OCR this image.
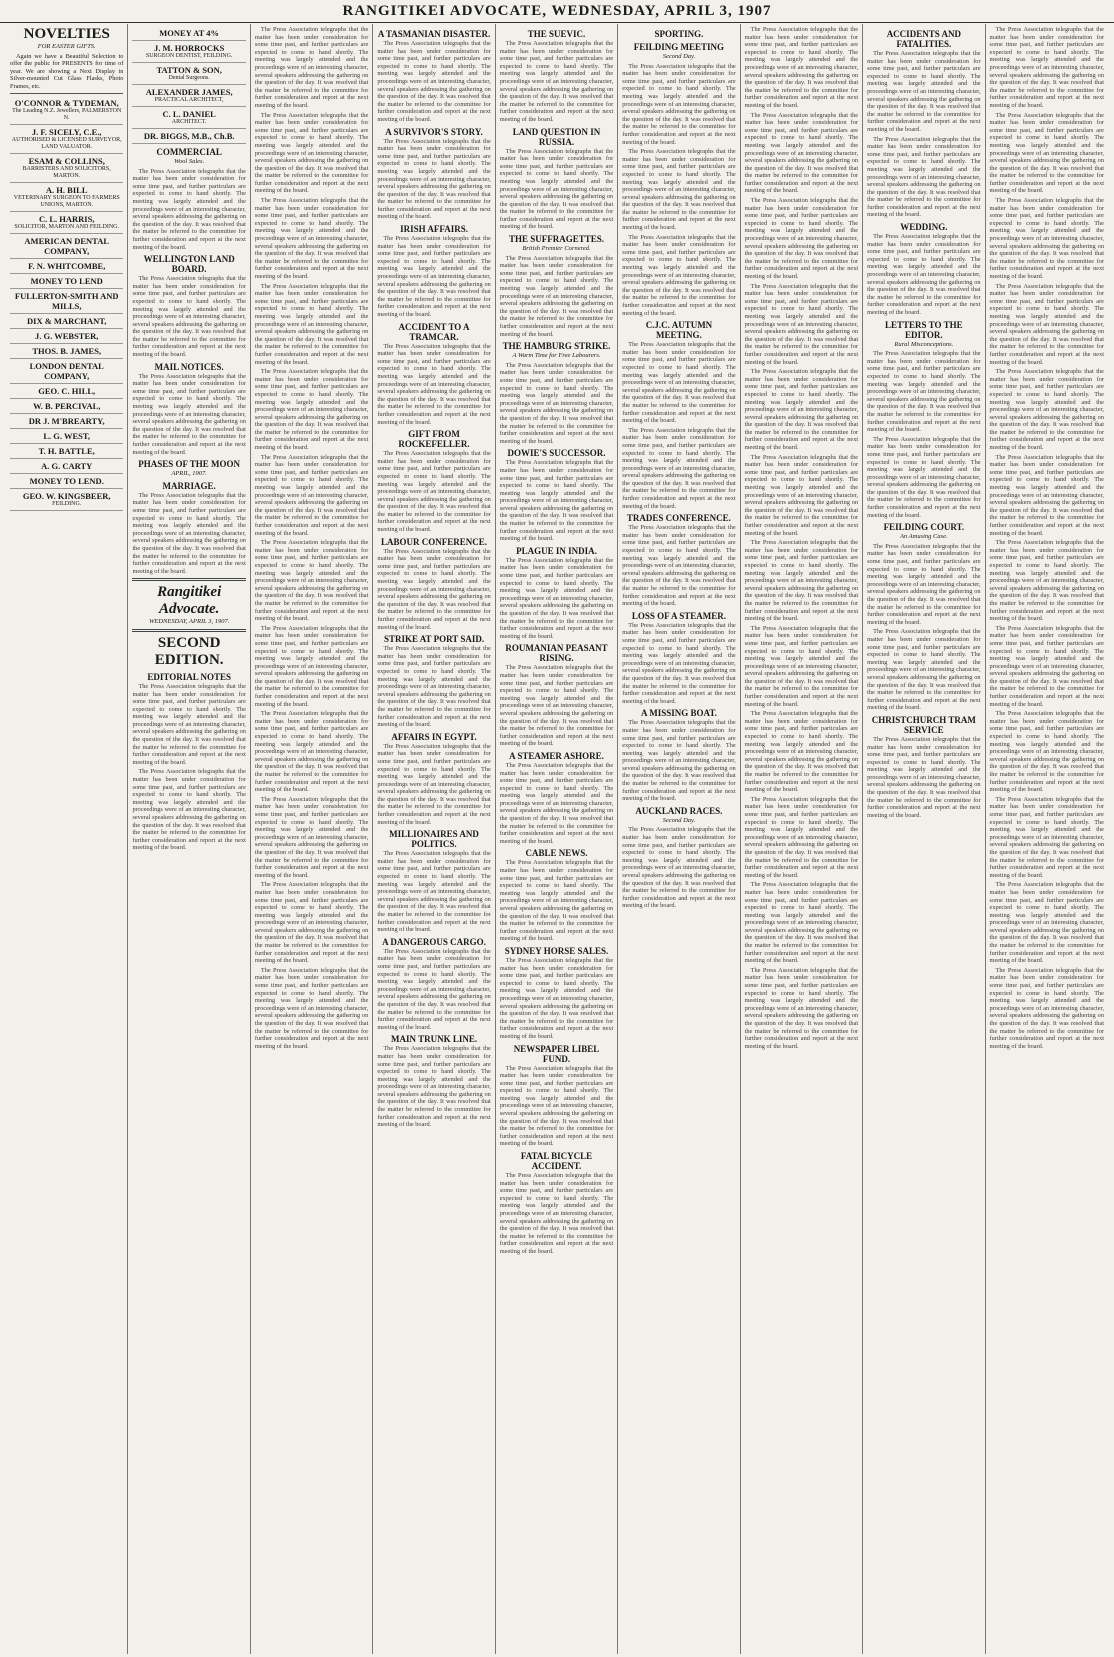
RANGITIKEI ADVOCATE, WEDNESDAY, APRIL 3, 1907
NOVELTIES
FOR EASTER GIFTS.

Again we have a Beautiful Selection to offer the public for PRESENTS for time of year. We are showing a Next Display in Silver-mounted Cut Glass Flasks, Photo Frames, etc.

O'CONNOR & TYDEMAN,
The Leading N.Z. Jewellers, PALMERSTON N.
J. F. SICELY, C.E.,
AUTHORISED & LICENSED SURVEYOR, LAND VALUATOR.
ESAM & COLLINS,
BARRISTERS AND SOLICITORS, MARTON.
A. H. BILL
VETERINARY SURGEON TO FARMERS UNIONS, MARTON.
C. L. HARRIS,
SOLICITOR, MARTON AND FEILDING.
AMERICAN DENTAL COMPANY,
F. N. WHITCOMBE,
MONEY TO LEND
FULLERTON-SMITH AND MILLS,
DIX & MARCHANT,
J. G. WEBSTER,
THOS. B. JAMES,
LONDON DENTAL COMPANY,
GEO. C. HILL,
W. B. PERCIVAL,
DR J. M'BREARTY,
L. G. WEST,
T. H. BATTLE,
A. G. CARTY
MONEY TO LEND.
GEO. W. KINGSBEER,
FEILDING.
MONEY AT 4%
J. M. HORROCKS
SURGEON DENTIST, FEILDING.
TATTON & SON,
Dental Surgeons.
ALEXANDER JAMES,
PRACTICAL ARCHITECT,
C. L. DANIEL
ARCHITECT.
DR. BIGGS, M.B., Ch.B.
COMMERCIAL
Wool Sales.

The Press Association telegraphs that the matter has been under consideration for some time past, and further particulars are expected to come to hand shortly. The meeting was largely attended and the proceedings were of an interesting character, several speakers addressing the gathering on the question of the day. It was resolved that the matter be referred to the committee for further consideration and report at the next meeting of the board.

WELLINGTON LAND BOARD.

The Press Association telegraphs that the matter has been under consideration for some time past, and further particulars are expected to come to hand shortly. The meeting was largely attended and the proceedings were of an interesting character, several speakers addressing the gathering on the question of the day. It was resolved that the matter be referred to the committee for further consideration and report at the next meeting of the board.

MAIL NOTICES.

The Press Association telegraphs that the matter has been under consideration for some time past, and further particulars are expected to come to hand shortly. The meeting was largely attended and the proceedings were of an interesting character, several speakers addressing the gathering on the question of the day. It was resolved that the matter be referred to the committee for further consideration and report at the next meeting of the board.

PHASES OF THE MOON
APRIL, 1907.
MARRIAGE.

The Press Association telegraphs that the matter has been under consideration for some time past, and further particulars are expected to come to hand shortly. The meeting was largely attended and the proceedings were of an interesting character, several speakers addressing the gathering on the question of the day. It was resolved that the matter be referred to the committee for further consideration and report at the next meeting of the board.

Rangitikei Advocate.
WEDNESDAY, APRIL 3, 1907.
SECOND EDITION.
EDITORIAL NOTES

The Press Association telegraphs that the matter has been under consideration for some time past, and further particulars are expected to come to hand shortly. The meeting was largely attended and the proceedings were of an interesting character, several speakers addressing the gathering on the question of the day. It was resolved that the matter be referred to the committee for further consideration and report at the next meeting of the board.

The Press Association telegraphs that the matter has been under consideration for some time past, and further particulars are expected to come to hand shortly. The meeting was largely attended and the proceedings were of an interesting character, several speakers addressing the gathering on the question of the day. It was resolved that the matter be referred to the committee for further consideration and report at the next meeting of the board.

The Press Association telegraphs that the matter has been under consideration for some time past, and further particulars are expected to come to hand shortly. The meeting was largely attended and the proceedings were of an interesting character, several speakers addressing the gathering on the question of the day. It was resolved that the matter be referred to the committee for further consideration and report at the next meeting of the board.

The Press Association telegraphs that the matter has been under consideration for some time past, and further particulars are expected to come to hand shortly. The meeting was largely attended and the proceedings were of an interesting character, several speakers addressing the gathering on the question of the day. It was resolved that the matter be referred to the committee for further consideration and report at the next meeting of the board.

The Press Association telegraphs that the matter has been under consideration for some time past, and further particulars are expected to come to hand shortly. The meeting was largely attended and the proceedings were of an interesting character, several speakers addressing the gathering on the question of the day. It was resolved that the matter be referred to the committee for further consideration and report at the next meeting of the board.

The Press Association telegraphs that the matter has been under consideration for some time past, and further particulars are expected to come to hand shortly. The meeting was largely attended and the proceedings were of an interesting character, several speakers addressing the gathering on the question of the day. It was resolved that the matter be referred to the committee for further consideration and report at the next meeting of the board.

The Press Association telegraphs that the matter has been under consideration for some time past, and further particulars are expected to come to hand shortly. The meeting was largely attended and the proceedings were of an interesting character, several speakers addressing the gathering on the question of the day. It was resolved that the matter be referred to the committee for further consideration and report at the next meeting of the board.

The Press Association telegraphs that the matter has been under consideration for some time past, and further particulars are expected to come to hand shortly. The meeting was largely attended and the proceedings were of an interesting character, several speakers addressing the gathering on the question of the day. It was resolved that the matter be referred to the committee for further consideration and report at the next meeting of the board.

The Press Association telegraphs that the matter has been under consideration for some time past, and further particulars are expected to come to hand shortly. The meeting was largely attended and the proceedings were of an interesting character, several speakers addressing the gathering on the question of the day. It was resolved that the matter be referred to the committee for further consideration and report at the next meeting of the board.

The Press Association telegraphs that the matter has been under consideration for some time past, and further particulars are expected to come to hand shortly. The meeting was largely attended and the proceedings were of an interesting character, several speakers addressing the gathering on the question of the day. It was resolved that the matter be referred to the committee for further consideration and report at the next meeting of the board.

The Press Association telegraphs that the matter has been under consideration for some time past, and further particulars are expected to come to hand shortly. The meeting was largely attended and the proceedings were of an interesting character, several speakers addressing the gathering on the question of the day. It was resolved that the matter be referred to the committee for further consideration and report at the next meeting of the board.

The Press Association telegraphs that the matter has been under consideration for some time past, and further particulars are expected to come to hand shortly. The meeting was largely attended and the proceedings were of an interesting character, several speakers addressing the gathering on the question of the day. It was resolved that the matter be referred to the committee for further consideration and report at the next meeting of the board.

The Press Association telegraphs that the matter has been under consideration for some time past, and further particulars are expected to come to hand shortly. The meeting was largely attended and the proceedings were of an interesting character, several speakers addressing the gathering on the question of the day. It was resolved that the matter be referred to the committee for further consideration and report at the next meeting of the board.

The Press Association telegraphs that the matter has been under consideration for some time past, and further particulars are expected to come to hand shortly. The meeting was largely attended and the proceedings were of an interesting character, several speakers addressing the gathering on the question of the day. It was resolved that the matter be referred to the committee for further consideration and report at the next meeting of the board.

A TASMANIAN DISASTER.

The Press Association telegraphs that the matter has been under consideration for some time past, and further particulars are expected to come to hand shortly. The meeting was largely attended and the proceedings were of an interesting character, several speakers addressing the gathering on the question of the day. It was resolved that the matter be referred to the committee for further consideration and report at the next meeting of the board.

A SURVIVOR'S STORY.

The Press Association telegraphs that the matter has been under consideration for some time past, and further particulars are expected to come to hand shortly. The meeting was largely attended and the proceedings were of an interesting character, several speakers addressing the gathering on the question of the day. It was resolved that the matter be referred to the committee for further consideration and report at the next meeting of the board.

IRISH AFFAIRS.

The Press Association telegraphs that the matter has been under consideration for some time past, and further particulars are expected to come to hand shortly. The meeting was largely attended and the proceedings were of an interesting character, several speakers addressing the gathering on the question of the day. It was resolved that the matter be referred to the committee for further consideration and report at the next meeting of the board.

ACCIDENT TO A TRAMCAR.

The Press Association telegraphs that the matter has been under consideration for some time past, and further particulars are expected to come to hand shortly. The meeting was largely attended and the proceedings were of an interesting character, several speakers addressing the gathering on the question of the day. It was resolved that the matter be referred to the committee for further consideration and report at the next meeting of the board.

GIFT FROM ROCKEFELLER.

The Press Association telegraphs that the matter has been under consideration for some time past, and further particulars are expected to come to hand shortly. The meeting was largely attended and the proceedings were of an interesting character, several speakers addressing the gathering on the question of the day. It was resolved that the matter be referred to the committee for further consideration and report at the next meeting of the board.

LABOUR CONFERENCE.

The Press Association telegraphs that the matter has been under consideration for some time past, and further particulars are expected to come to hand shortly. The meeting was largely attended and the proceedings were of an interesting character, several speakers addressing the gathering on the question of the day. It was resolved that the matter be referred to the committee for further consideration and report at the next meeting of the board.

STRIKE AT PORT SAID.

The Press Association telegraphs that the matter has been under consideration for some time past, and further particulars are expected to come to hand shortly. The meeting was largely attended and the proceedings were of an interesting character, several speakers addressing the gathering on the question of the day. It was resolved that the matter be referred to the committee for further consideration and report at the next meeting of the board.

AFFAIRS IN EGYPT.

The Press Association telegraphs that the matter has been under consideration for some time past, and further particulars are expected to come to hand shortly. The meeting was largely attended and the proceedings were of an interesting character, several speakers addressing the gathering on the question of the day. It was resolved that the matter be referred to the committee for further consideration and report at the next meeting of the board.

MILLIONAIRES AND POLITICS.

The Press Association telegraphs that the matter has been under consideration for some time past, and further particulars are expected to come to hand shortly. The meeting was largely attended and the proceedings were of an interesting character, several speakers addressing the gathering on the question of the day. It was resolved that the matter be referred to the committee for further consideration and report at the next meeting of the board.

A DANGEROUS CARGO.

The Press Association telegraphs that the matter has been under consideration for some time past, and further particulars are expected to come to hand shortly. The meeting was largely attended and the proceedings were of an interesting character, several speakers addressing the gathering on the question of the day. It was resolved that the matter be referred to the committee for further consideration and report at the next meeting of the board.

MAIN TRUNK LINE.

The Press Association telegraphs that the matter has been under consideration for some time past, and further particulars are expected to come to hand shortly. The meeting was largely attended and the proceedings were of an interesting character, several speakers addressing the gathering on the question of the day. It was resolved that the matter be referred to the committee for further consideration and report at the next meeting of the board.

THE SUEVIC.

The Press Association telegraphs that the matter has been under consideration for some time past, and further particulars are expected to come to hand shortly. The meeting was largely attended and the proceedings were of an interesting character, several speakers addressing the gathering on the question of the day. It was resolved that the matter be referred to the committee for further consideration and report at the next meeting of the board.

LAND QUESTION IN RUSSIA.

The Press Association telegraphs that the matter has been under consideration for some time past, and further particulars are expected to come to hand shortly. The meeting was largely attended and the proceedings were of an interesting character, several speakers addressing the gathering on the question of the day. It was resolved that the matter be referred to the committee for further consideration and report at the next meeting of the board.

THE SUFFRAGETTES.
British Premier Cornered.

The Press Association telegraphs that the matter has been under consideration for some time past, and further particulars are expected to come to hand shortly. The meeting was largely attended and the proceedings were of an interesting character, several speakers addressing the gathering on the question of the day. It was resolved that the matter be referred to the committee for further consideration and report at the next meeting of the board.

THE HAMBURG STRIKE.
A Warm Time for Free Labourers.

The Press Association telegraphs that the matter has been under consideration for some time past, and further particulars are expected to come to hand shortly. The meeting was largely attended and the proceedings were of an interesting character, several speakers addressing the gathering on the question of the day. It was resolved that the matter be referred to the committee for further consideration and report at the next meeting of the board.

DOWIE'S SUCCESSOR.

The Press Association telegraphs that the matter has been under consideration for some time past, and further particulars are expected to come to hand shortly. The meeting was largely attended and the proceedings were of an interesting character, several speakers addressing the gathering on the question of the day. It was resolved that the matter be referred to the committee for further consideration and report at the next meeting of the board.

PLAGUE IN INDIA.

The Press Association telegraphs that the matter has been under consideration for some time past, and further particulars are expected to come to hand shortly. The meeting was largely attended and the proceedings were of an interesting character, several speakers addressing the gathering on the question of the day. It was resolved that the matter be referred to the committee for further consideration and report at the next meeting of the board.

ROUMANIAN PEASANT RISING.

The Press Association telegraphs that the matter has been under consideration for some time past, and further particulars are expected to come to hand shortly. The meeting was largely attended and the proceedings were of an interesting character, several speakers addressing the gathering on the question of the day. It was resolved that the matter be referred to the committee for further consideration and report at the next meeting of the board.

A STEAMER ASHORE.

The Press Association telegraphs that the matter has been under consideration for some time past, and further particulars are expected to come to hand shortly. The meeting was largely attended and the proceedings were of an interesting character, several speakers addressing the gathering on the question of the day. It was resolved that the matter be referred to the committee for further consideration and report at the next meeting of the board.

CABLE NEWS.

The Press Association telegraphs that the matter has been under consideration for some time past, and further particulars are expected to come to hand shortly. The meeting was largely attended and the proceedings were of an interesting character, several speakers addressing the gathering on the question of the day. It was resolved that the matter be referred to the committee for further consideration and report at the next meeting of the board.

SYDNEY HORSE SALES.

The Press Association telegraphs that the matter has been under consideration for some time past, and further particulars are expected to come to hand shortly. The meeting was largely attended and the proceedings were of an interesting character, several speakers addressing the gathering on the question of the day. It was resolved that the matter be referred to the committee for further consideration and report at the next meeting of the board.

NEWSPAPER LIBEL FUND.

The Press Association telegraphs that the matter has been under consideration for some time past, and further particulars are expected to come to hand shortly. The meeting was largely attended and the proceedings were of an interesting character, several speakers addressing the gathering on the question of the day. It was resolved that the matter be referred to the committee for further consideration and report at the next meeting of the board.

FATAL BICYCLE ACCIDENT.

The Press Association telegraphs that the matter has been under consideration for some time past, and further particulars are expected to come to hand shortly. The meeting was largely attended and the proceedings were of an interesting character, several speakers addressing the gathering on the question of the day. It was resolved that the matter be referred to the committee for further consideration and report at the next meeting of the board.

SPORTING.
FEILDING MEETING
Second Day.

The Press Association telegraphs that the matter has been under consideration for some time past, and further particulars are expected to come to hand shortly. The meeting was largely attended and the proceedings were of an interesting character, several speakers addressing the gathering on the question of the day. It was resolved that the matter be referred to the committee for further consideration and report at the next meeting of the board.

The Press Association telegraphs that the matter has been under consideration for some time past, and further particulars are expected to come to hand shortly. The meeting was largely attended and the proceedings were of an interesting character, several speakers addressing the gathering on the question of the day. It was resolved that the matter be referred to the committee for further consideration and report at the next meeting of the board.

The Press Association telegraphs that the matter has been under consideration for some time past, and further particulars are expected to come to hand shortly. The meeting was largely attended and the proceedings were of an interesting character, several speakers addressing the gathering on the question of the day. It was resolved that the matter be referred to the committee for further consideration and report at the next meeting of the board.

C.J.C. AUTUMN MEETING.

The Press Association telegraphs that the matter has been under consideration for some time past, and further particulars are expected to come to hand shortly. The meeting was largely attended and the proceedings were of an interesting character, several speakers addressing the gathering on the question of the day. It was resolved that the matter be referred to the committee for further consideration and report at the next meeting of the board.

The Press Association telegraphs that the matter has been under consideration for some time past, and further particulars are expected to come to hand shortly. The meeting was largely attended and the proceedings were of an interesting character, several speakers addressing the gathering on the question of the day. It was resolved that the matter be referred to the committee for further consideration and report at the next meeting of the board.

TRADES CONFERENCE.

The Press Association telegraphs that the matter has been under consideration for some time past, and further particulars are expected to come to hand shortly. The meeting was largely attended and the proceedings were of an interesting character, several speakers addressing the gathering on the question of the day. It was resolved that the matter be referred to the committee for further consideration and report at the next meeting of the board.

LOSS OF A STEAMER.

The Press Association telegraphs that the matter has been under consideration for some time past, and further particulars are expected to come to hand shortly. The meeting was largely attended and the proceedings were of an interesting character, several speakers addressing the gathering on the question of the day. It was resolved that the matter be referred to the committee for further consideration and report at the next meeting of the board.

A MISSING BOAT.

The Press Association telegraphs that the matter has been under consideration for some time past, and further particulars are expected to come to hand shortly. The meeting was largely attended and the proceedings were of an interesting character, several speakers addressing the gathering on the question of the day. It was resolved that the matter be referred to the committee for further consideration and report at the next meeting of the board.

AUCKLAND RACES.
Second Day.

The Press Association telegraphs that the matter has been under consideration for some time past, and further particulars are expected to come to hand shortly. The meeting was largely attended and the proceedings were of an interesting character, several speakers addressing the gathering on the question of the day. It was resolved that the matter be referred to the committee for further consideration and report at the next meeting of the board.

The Press Association telegraphs that the matter has been under consideration for some time past, and further particulars are expected to come to hand shortly. The meeting was largely attended and the proceedings were of an interesting character, several speakers addressing the gathering on the question of the day. It was resolved that the matter be referred to the committee for further consideration and report at the next meeting of the board.

The Press Association telegraphs that the matter has been under consideration for some time past, and further particulars are expected to come to hand shortly. The meeting was largely attended and the proceedings were of an interesting character, several speakers addressing the gathering on the question of the day. It was resolved that the matter be referred to the committee for further consideration and report at the next meeting of the board.

The Press Association telegraphs that the matter has been under consideration for some time past, and further particulars are expected to come to hand shortly. The meeting was largely attended and the proceedings were of an interesting character, several speakers addressing the gathering on the question of the day. It was resolved that the matter be referred to the committee for further consideration and report at the next meeting of the board.

The Press Association telegraphs that the matter has been under consideration for some time past, and further particulars are expected to come to hand shortly. The meeting was largely attended and the proceedings were of an interesting character, several speakers addressing the gathering on the question of the day. It was resolved that the matter be referred to the committee for further consideration and report at the next meeting of the board.

The Press Association telegraphs that the matter has been under consideration for some time past, and further particulars are expected to come to hand shortly. The meeting was largely attended and the proceedings were of an interesting character, several speakers addressing the gathering on the question of the day. It was resolved that the matter be referred to the committee for further consideration and report at the next meeting of the board.

The Press Association telegraphs that the matter has been under consideration for some time past, and further particulars are expected to come to hand shortly. The meeting was largely attended and the proceedings were of an interesting character, several speakers addressing the gathering on the question of the day. It was resolved that the matter be referred to the committee for further consideration and report at the next meeting of the board.

The Press Association telegraphs that the matter has been under consideration for some time past, and further particulars are expected to come to hand shortly. The meeting was largely attended and the proceedings were of an interesting character, several speakers addressing the gathering on the question of the day. It was resolved that the matter be referred to the committee for further consideration and report at the next meeting of the board.

The Press Association telegraphs that the matter has been under consideration for some time past, and further particulars are expected to come to hand shortly. The meeting was largely attended and the proceedings were of an interesting character, several speakers addressing the gathering on the question of the day. It was resolved that the matter be referred to the committee for further consideration and report at the next meeting of the board.

The Press Association telegraphs that the matter has been under consideration for some time past, and further particulars are expected to come to hand shortly. The meeting was largely attended and the proceedings were of an interesting character, several speakers addressing the gathering on the question of the day. It was resolved that the matter be referred to the committee for further consideration and report at the next meeting of the board.

The Press Association telegraphs that the matter has been under consideration for some time past, and further particulars are expected to come to hand shortly. The meeting was largely attended and the proceedings were of an interesting character, several speakers addressing the gathering on the question of the day. It was resolved that the matter be referred to the committee for further consideration and report at the next meeting of the board.

The Press Association telegraphs that the matter has been under consideration for some time past, and further particulars are expected to come to hand shortly. The meeting was largely attended and the proceedings were of an interesting character, several speakers addressing the gathering on the question of the day. It was resolved that the matter be referred to the committee for further consideration and report at the next meeting of the board.

The Press Association telegraphs that the matter has been under consideration for some time past, and further particulars are expected to come to hand shortly. The meeting was largely attended and the proceedings were of an interesting character, several speakers addressing the gathering on the question of the day. It was resolved that the matter be referred to the committee for further consideration and report at the next meeting of the board.

ACCIDENTS AND FATALITIES.

The Press Association telegraphs that the matter has been under consideration for some time past, and further particulars are expected to come to hand shortly. The meeting was largely attended and the proceedings were of an interesting character, several speakers addressing the gathering on the question of the day. It was resolved that the matter be referred to the committee for further consideration and report at the next meeting of the board.

The Press Association telegraphs that the matter has been under consideration for some time past, and further particulars are expected to come to hand shortly. The meeting was largely attended and the proceedings were of an interesting character, several speakers addressing the gathering on the question of the day. It was resolved that the matter be referred to the committee for further consideration and report at the next meeting of the board.

WEDDING.

The Press Association telegraphs that the matter has been under consideration for some time past, and further particulars are expected to come to hand shortly. The meeting was largely attended and the proceedings were of an interesting character, several speakers addressing the gathering on the question of the day. It was resolved that the matter be referred to the committee for further consideration and report at the next meeting of the board.

LETTERS TO THE EDITOR.
Rural Misconceptions.

The Press Association telegraphs that the matter has been under consideration for some time past, and further particulars are expected to come to hand shortly. The meeting was largely attended and the proceedings were of an interesting character, several speakers addressing the gathering on the question of the day. It was resolved that the matter be referred to the committee for further consideration and report at the next meeting of the board.

The Press Association telegraphs that the matter has been under consideration for some time past, and further particulars are expected to come to hand shortly. The meeting was largely attended and the proceedings were of an interesting character, several speakers addressing the gathering on the question of the day. It was resolved that the matter be referred to the committee for further consideration and report at the next meeting of the board.

FEILDING COURT.
An Amusing Case.

The Press Association telegraphs that the matter has been under consideration for some time past, and further particulars are expected to come to hand shortly. The meeting was largely attended and the proceedings were of an interesting character, several speakers addressing the gathering on the question of the day. It was resolved that the matter be referred to the committee for further consideration and report at the next meeting of the board.

The Press Association telegraphs that the matter has been under consideration for some time past, and further particulars are expected to come to hand shortly. The meeting was largely attended and the proceedings were of an interesting character, several speakers addressing the gathering on the question of the day. It was resolved that the matter be referred to the committee for further consideration and report at the next meeting of the board.

CHRISTCHURCH TRAM SERVICE

The Press Association telegraphs that the matter has been under consideration for some time past, and further particulars are expected to come to hand shortly. The meeting was largely attended and the proceedings were of an interesting character, several speakers addressing the gathering on the question of the day. It was resolved that the matter be referred to the committee for further consideration and report at the next meeting of the board.

The Press Association telegraphs that the matter has been under consideration for some time past, and further particulars are expected to come to hand shortly. The meeting was largely attended and the proceedings were of an interesting character, several speakers addressing the gathering on the question of the day. It was resolved that the matter be referred to the committee for further consideration and report at the next meeting of the board.

The Press Association telegraphs that the matter has been under consideration for some time past, and further particulars are expected to come to hand shortly. The meeting was largely attended and the proceedings were of an interesting character, several speakers addressing the gathering on the question of the day. It was resolved that the matter be referred to the committee for further consideration and report at the next meeting of the board.

The Press Association telegraphs that the matter has been under consideration for some time past, and further particulars are expected to come to hand shortly. The meeting was largely attended and the proceedings were of an interesting character, several speakers addressing the gathering on the question of the day. It was resolved that the matter be referred to the committee for further consideration and report at the next meeting of the board.

The Press Association telegraphs that the matter has been under consideration for some time past, and further particulars are expected to come to hand shortly. The meeting was largely attended and the proceedings were of an interesting character, several speakers addressing the gathering on the question of the day. It was resolved that the matter be referred to the committee for further consideration and report at the next meeting of the board.

The Press Association telegraphs that the matter has been under consideration for some time past, and further particulars are expected to come to hand shortly. The meeting was largely attended and the proceedings were of an interesting character, several speakers addressing the gathering on the question of the day. It was resolved that the matter be referred to the committee for further consideration and report at the next meeting of the board.

The Press Association telegraphs that the matter has been under consideration for some time past, and further particulars are expected to come to hand shortly. The meeting was largely attended and the proceedings were of an interesting character, several speakers addressing the gathering on the question of the day. It was resolved that the matter be referred to the committee for further consideration and report at the next meeting of the board.

The Press Association telegraphs that the matter has been under consideration for some time past, and further particulars are expected to come to hand shortly. The meeting was largely attended and the proceedings were of an interesting character, several speakers addressing the gathering on the question of the day. It was resolved that the matter be referred to the committee for further consideration and report at the next meeting of the board.

The Press Association telegraphs that the matter has been under consideration for some time past, and further particulars are expected to come to hand shortly. The meeting was largely attended and the proceedings were of an interesting character, several speakers addressing the gathering on the question of the day. It was resolved that the matter be referred to the committee for further consideration and report at the next meeting of the board.

The Press Association telegraphs that the matter has been under consideration for some time past, and further particulars are expected to come to hand shortly. The meeting was largely attended and the proceedings were of an interesting character, several speakers addressing the gathering on the question of the day. It was resolved that the matter be referred to the committee for further consideration and report at the next meeting of the board.

The Press Association telegraphs that the matter has been under consideration for some time past, and further particulars are expected to come to hand shortly. The meeting was largely attended and the proceedings were of an interesting character, several speakers addressing the gathering on the question of the day. It was resolved that the matter be referred to the committee for further consideration and report at the next meeting of the board.

The Press Association telegraphs that the matter has been under consideration for some time past, and further particulars are expected to come to hand shortly. The meeting was largely attended and the proceedings were of an interesting character, several speakers addressing the gathering on the question of the day. It was resolved that the matter be referred to the committee for further consideration and report at the next meeting of the board.

The Press Association telegraphs that the matter has been under consideration for some time past, and further particulars are expected to come to hand shortly. The meeting was largely attended and the proceedings were of an interesting character, several speakers addressing the gathering on the question of the day. It was resolved that the matter be referred to the committee for further consideration and report at the next meeting of the board.
